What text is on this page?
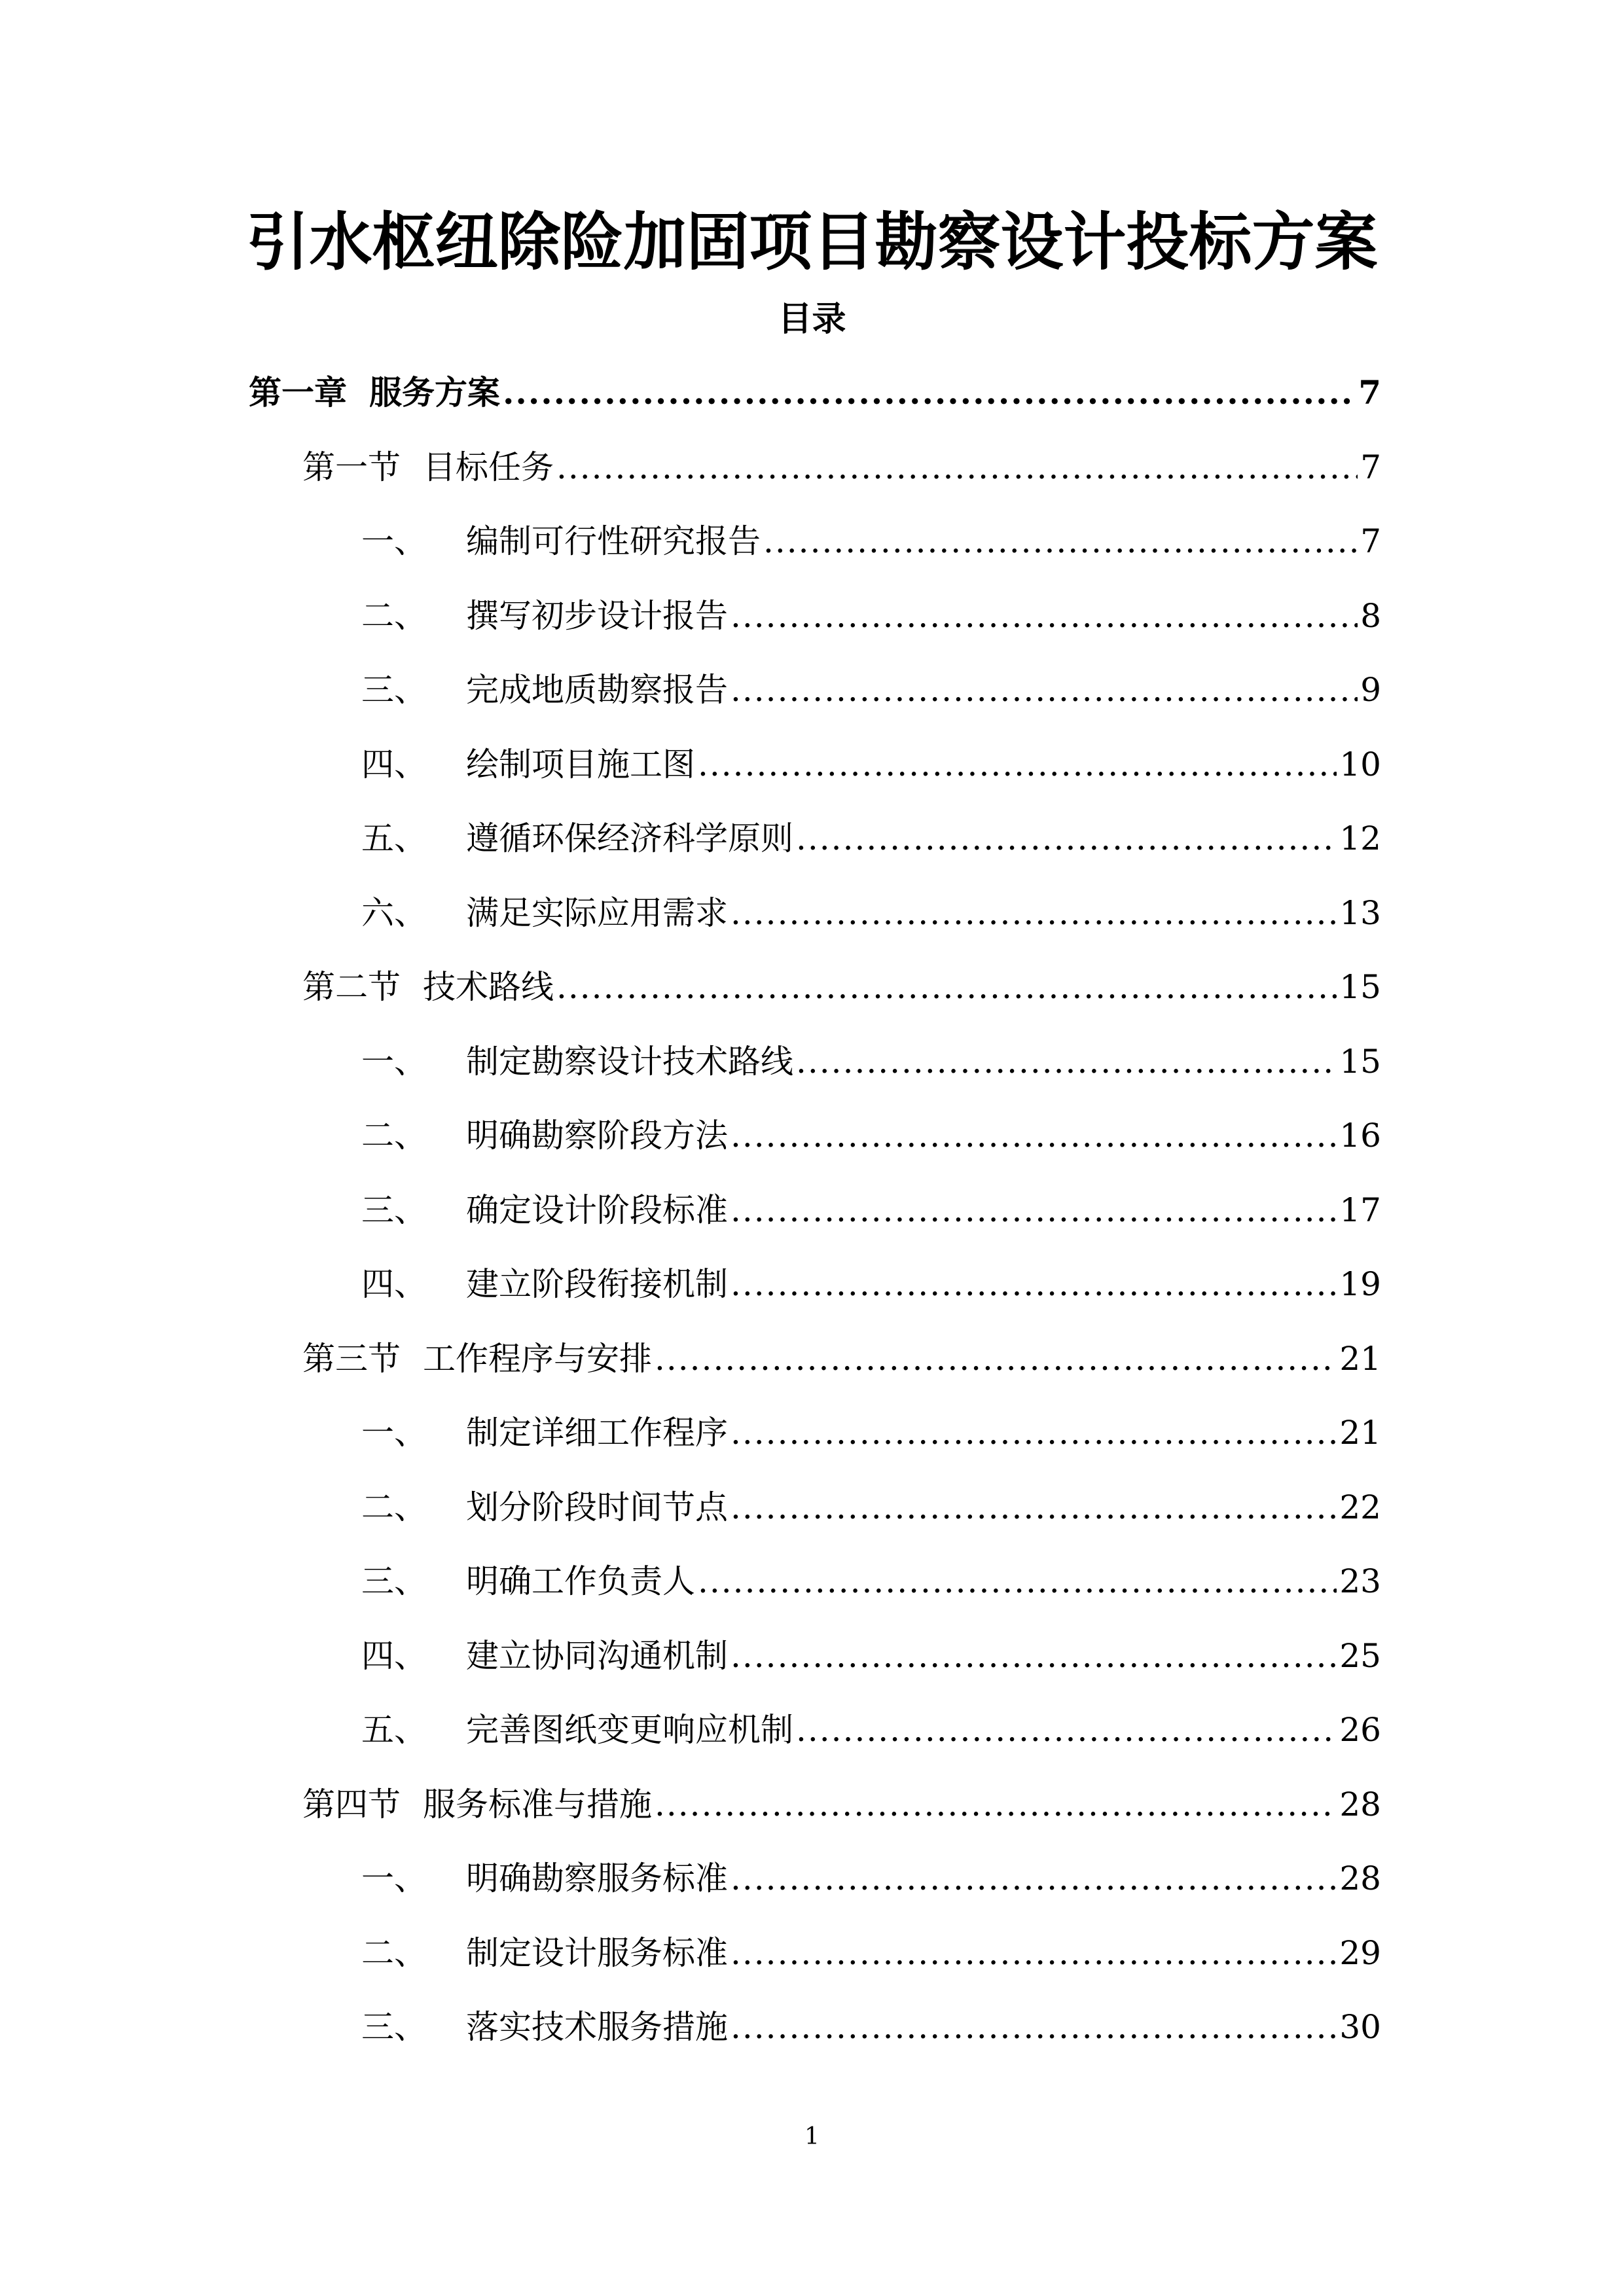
引水枢纽除险加固项目勘察设计投标方案
目录
第一章 服务方案 .....	7
第一节 目标任务 .....	7
一、 编制可行性研究报告 .....	7
二、 撰写初步设计报告 .....	8
三、 完成地质勘察报告 .....	9
四、 绘制项目施工图 .....	10
五、 遵循环保经济科学原则 .....	12
六、 满足实际应用需求 .....	13
第二节 技术路线 .....	15
一、 制定勘察设计技术路线 .....	15
二、 明确勘察阶段方法 .....	16
三、 确定设计阶段标准 .....	17
四、 建立阶段衔接机制 .....	19
第三节 工作程序与安排 .....	21
一、 制定详细工作程序 .....	21
二、 划分阶段时间节点 .....	22
三、 明确工作负责人 .....	23
四、 建立协同沟通机制 .....	25
五、 完善图纸变更响应机制 .....	26
第四节 服务标准与措施 .....	28
一、 明确勘察服务标准 .....	28
二、 制定设计服务标准 .....	29
三、 落实技术服务措施 .....	30
1
